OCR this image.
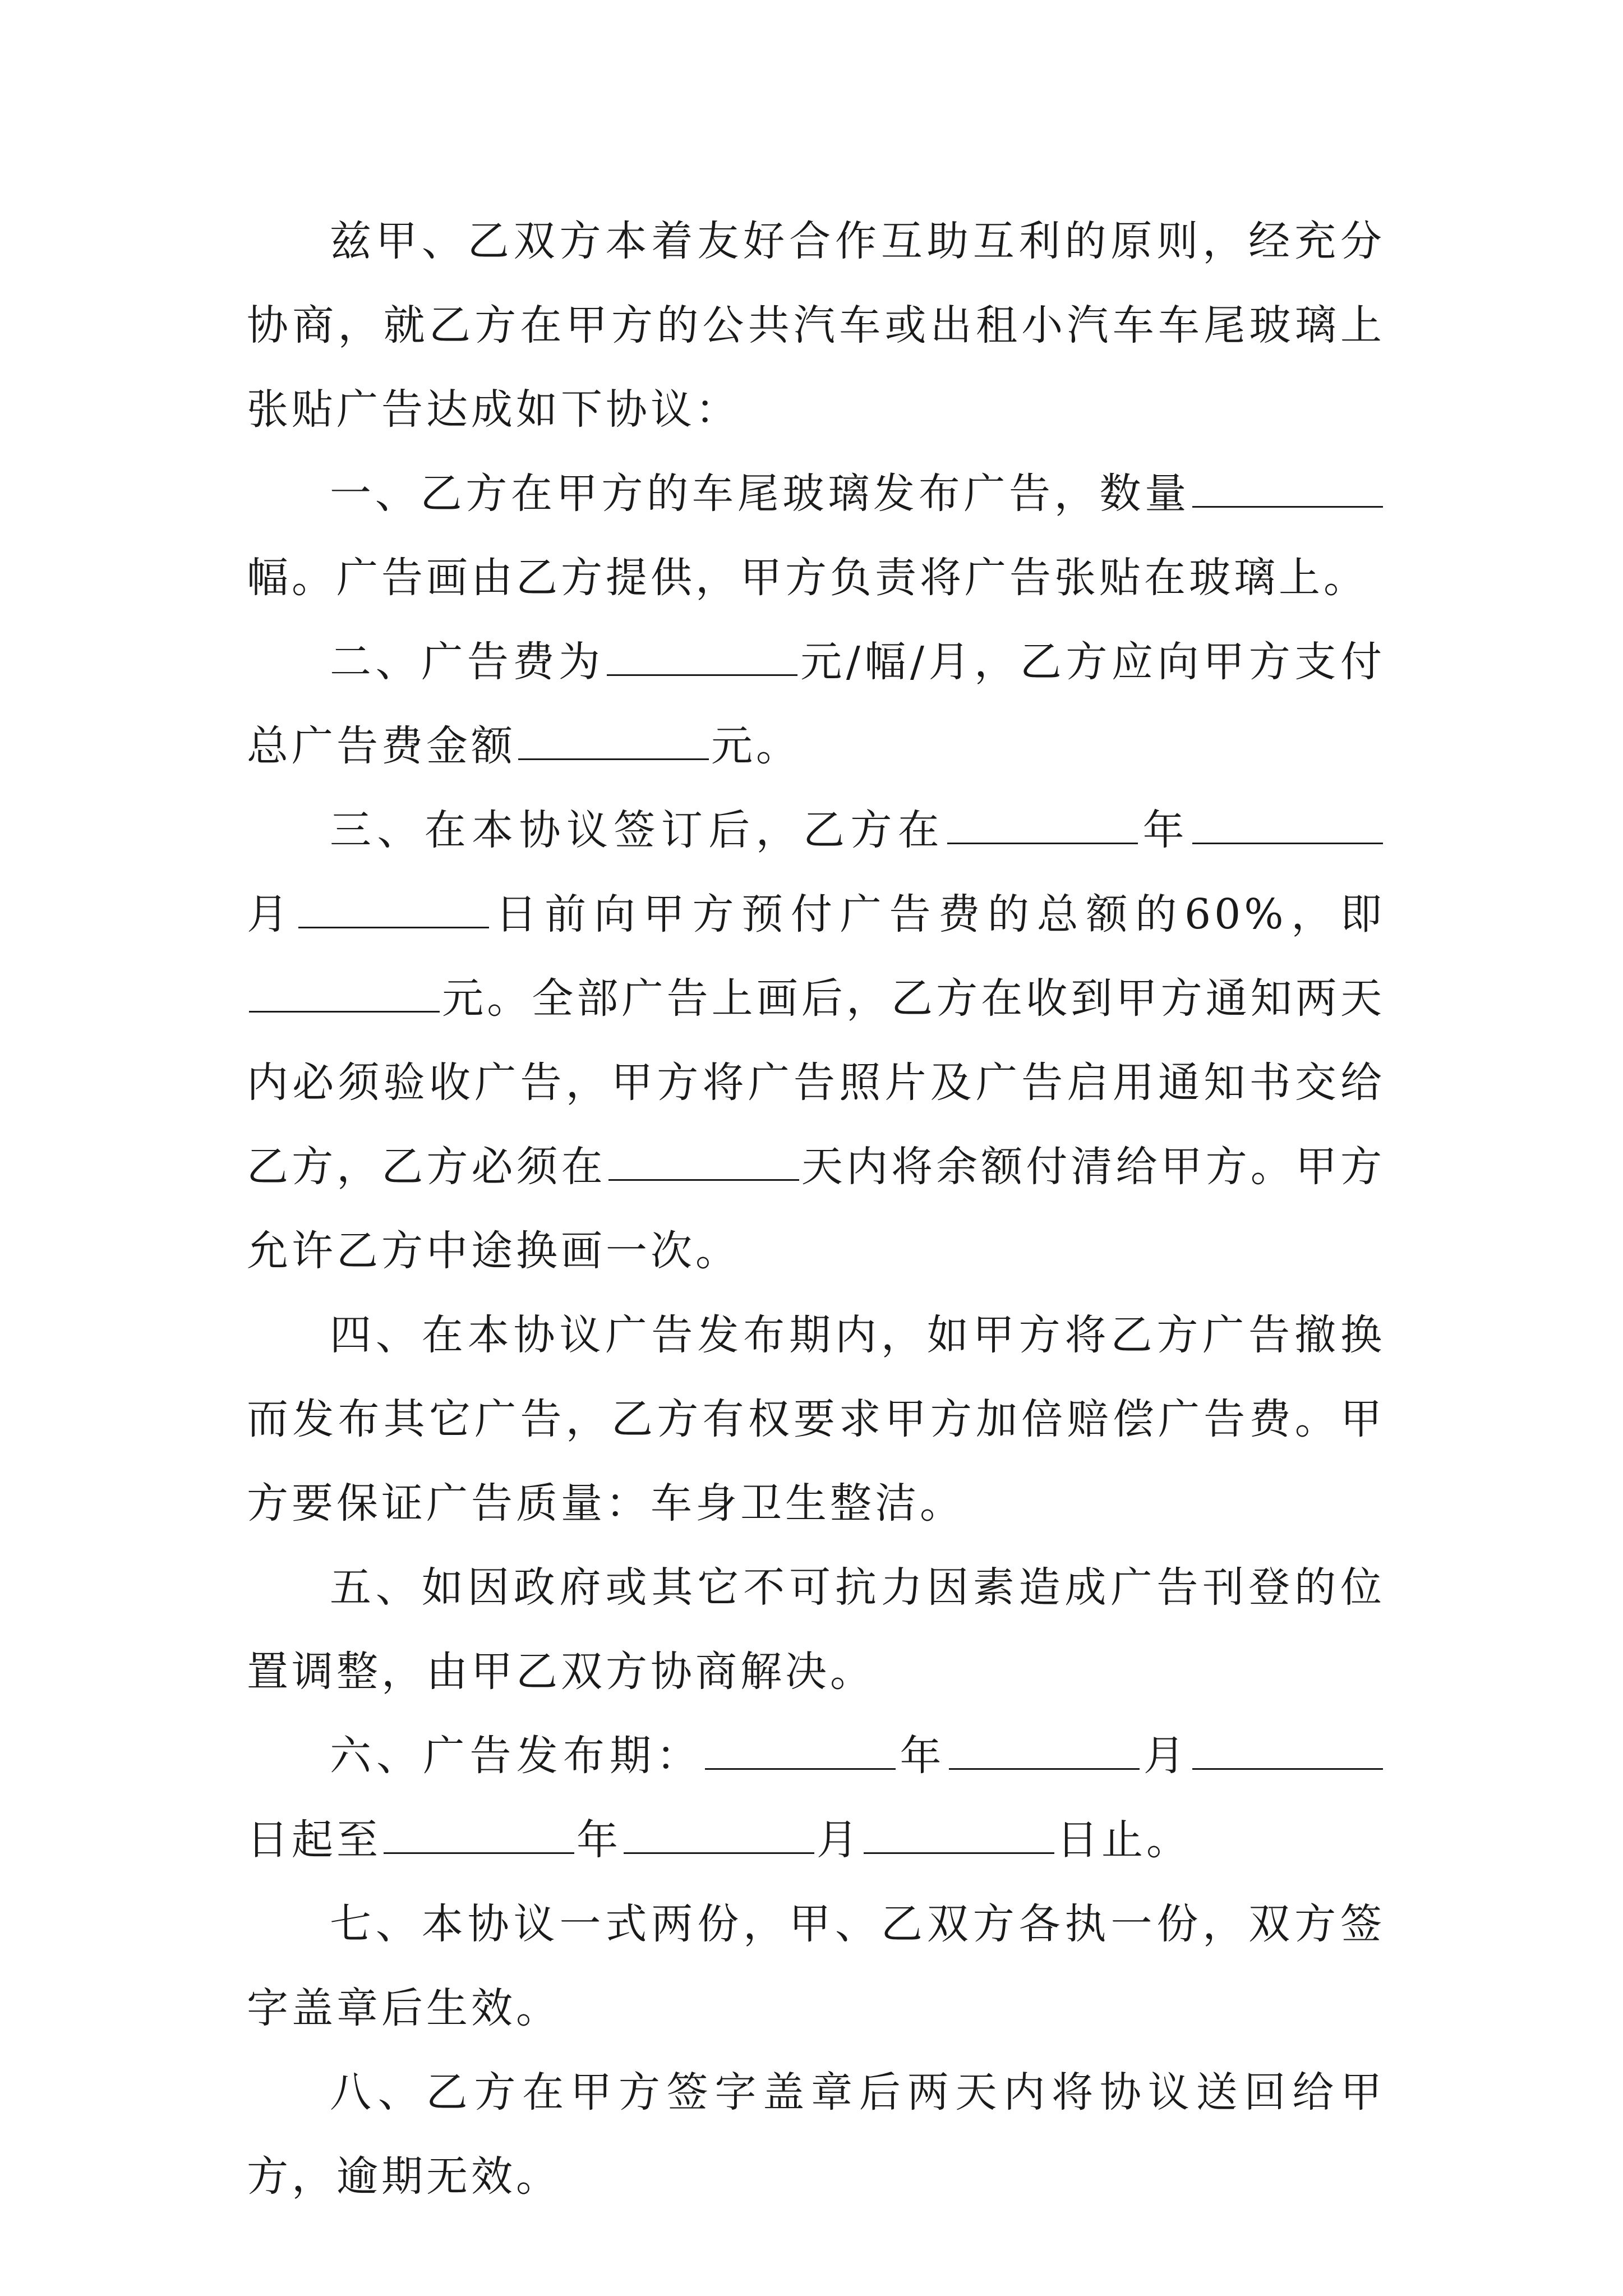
兹甲、乙双方本着友好合作互助互利的原则，经充分协商，就乙方在甲方的公共汽车或出租小汽车车尾玻璃上张贴广告达成如下协议：

一、乙方在甲方的车尾玻璃发布广告，数量幅。广告画由乙方提供，甲方负责将广告张贴在玻璃上。

二、广告费为	元/幅/月，乙方应向甲方支付总广告费金额	元。

三、在本协议签订后，乙方在	年月	日前向甲方预付广告费的总额的60%，即元。全部广告上画后，乙方在收到甲方通知两天内必须验收广告，甲方将广告照片及广告启用通知书交给乙方，乙方必须在	天内将余额付清给甲方。甲方允许乙方中途换画一次。

四、在本协议广告发布期内，如甲方将乙方广告撤换而发布其它广告，乙方有权要求甲方加倍赔偿广告费。甲方要保证广告质量：车身卫生整洁。

五、如因政府或其它不可抗力因素造成广告刊登的位置调整，由甲乙双方协商解决。

六、广告发布期：	年	月日起至	年	月	日止。

七、本协议一式两份，甲、乙双方各执一份，双方签字盖章后生效。

八、乙方在甲方签字盖章后两天内将协议送回给甲方，逾期无效。
